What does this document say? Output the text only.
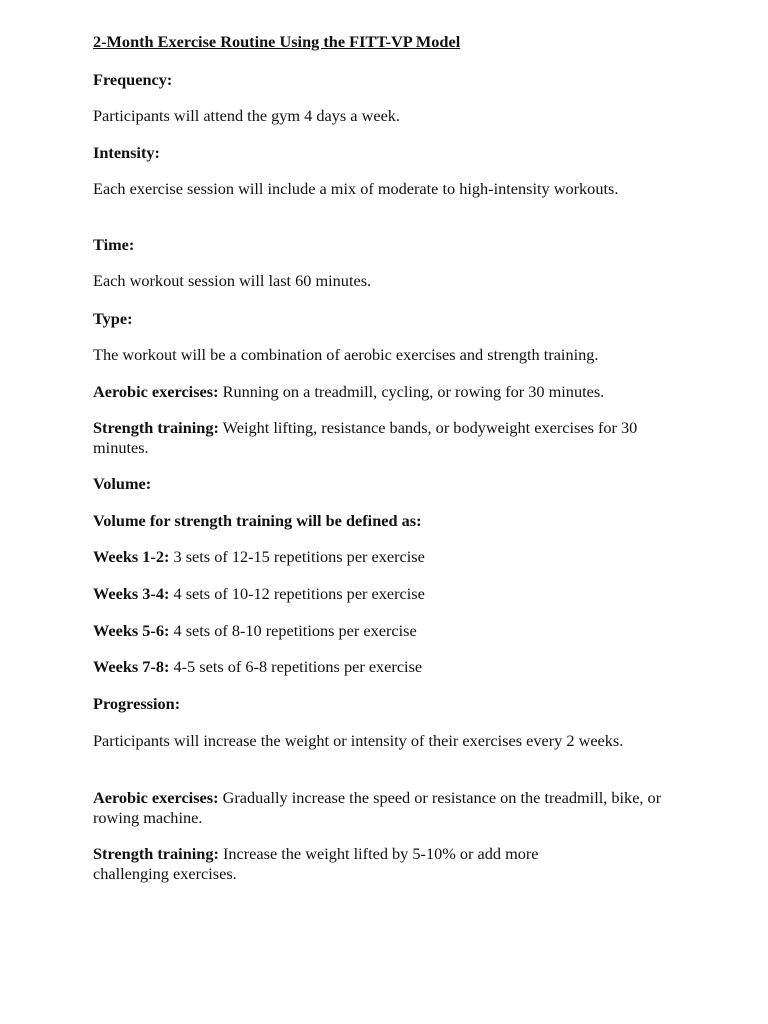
2-Month Exercise Routine Using the FITT-VP Model

Frequency:

Participants will attend the gym 4 days a week.

Intensity:

Each exercise session will include a mix of moderate to high-intensity workouts.

Time:

Each workout session will last 60 minutes.

Type:

The workout will be a combination of aerobic exercises and strength training.

Aerobic exercises: Running on a treadmill, cycling, or rowing for 30 minutes.

Strength training: Weight lifting, resistance bands, or bodyweight exercises for 30 minutes.

Volume:

Volume for strength training will be defined as:

Weeks 1-2: 3 sets of 12-15 repetitions per exercise

Weeks 3-4: 4 sets of 10-12 repetitions per exercise

Weeks 5-6: 4 sets of 8-10 repetitions per exercise

Weeks 7-8: 4-5 sets of 6-8 repetitions per exercise

Progression:

Participants will increase the weight or intensity of their exercises every 2 weeks.

Aerobic exercises: Gradually increase the speed or resistance on the treadmill, bike, or rowing machine.

Strength training: Increase the weight lifted by 5-10% or add more challenging exercises.
